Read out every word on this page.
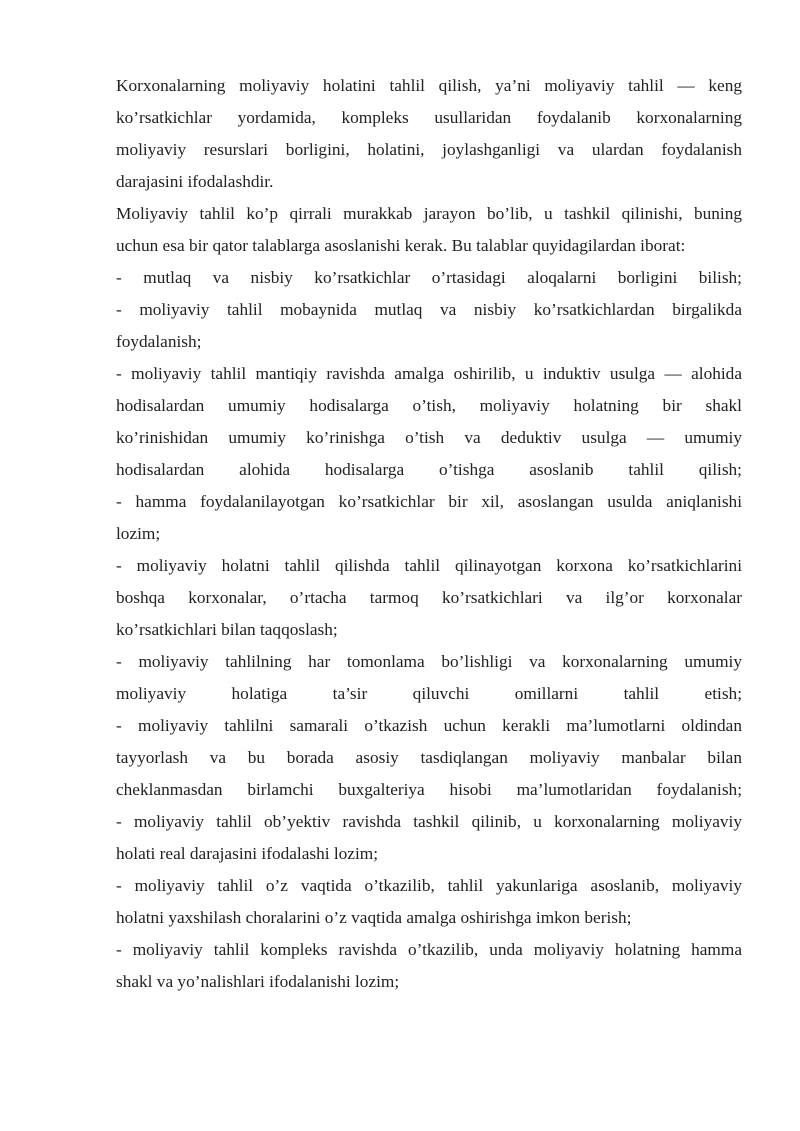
Korxonalarning moliyaviy holatini tahlil qilish, ya’ni moliyaviy tahlil — keng
ko’rsatkichlar yordamida, kompleks usullaridan foydalanib korxonalarning
moliyaviy resurslari borligini, holatini, joylashganligi va ulardan foydalanish
darajasini ifodalashdir.
Moliyaviy tahlil ko’p qirrali murakkab jarayon bo’lib, u tashkil qilinishi, buning
uchun esa bir qator talablarga asoslanishi kerak. Bu talablar quyidagilardan iborat:
- mutlaq va nisbiy ko’rsatkichlar o’rtasidagi aloqalarni borligini bilish;
- moliyaviy tahlil mobaynida mutlaq va nisbiy ko’rsatkichlardan birgalikda
foydalanish;
- moliyaviy tahlil mantiqiy ravishda amalga oshirilib, u induktiv usulga — alohida
hodisalardan umumiy hodisalarga o’tish, moliyaviy holatning bir shakl
ko’rinishidan umumiy ko’rinishga o’tish va deduktiv usulga — umumiy
hodisalardan alohida hodisalarga o’tishga asoslanib tahlil qilish;
- hamma foydalanilayotgan ko’rsatkichlar bir xil, asoslangan usulda aniqlanishi
lozim;
- moliyaviy holatni tahlil qilishda tahlil qilinayotgan korxona ko’rsatkichlarini
boshqa korxonalar, o’rtacha tarmoq ko’rsatkichlari va ilg’or korxonalar
ko’rsatkichlari bilan taqqoslash;
- moliyaviy tahlilning har tomonlama bo’lishligi va korxonalarning umumiy
moliyaviy holatiga ta’sir qiluvchi omillarni tahlil etish;
- moliyaviy tahlilni samarali o’tkazish uchun kerakli ma’lumotlarni oldindan
tayyorlash va bu borada asosiy tasdiqlangan moliyaviy manbalar bilan
cheklanmasdan birlamchi buxgalteriya hisobi ma’lumotlaridan foydalanish;
- moliyaviy tahlil ob’yektiv ravishda tashkil qilinib, u korxonalarning moliyaviy
holati real darajasini ifodalashi lozim;
- moliyaviy tahlil o’z vaqtida o’tkazilib, tahlil yakunlariga asoslanib, moliyaviy
holatni yaxshilash choralarini o’z vaqtida amalga oshirishga imkon berish;
- moliyaviy tahlil kompleks ravishda o’tkazilib, unda moliyaviy holatning hamma
shakl va yo’nalishlari ifodalanishi lozim;
